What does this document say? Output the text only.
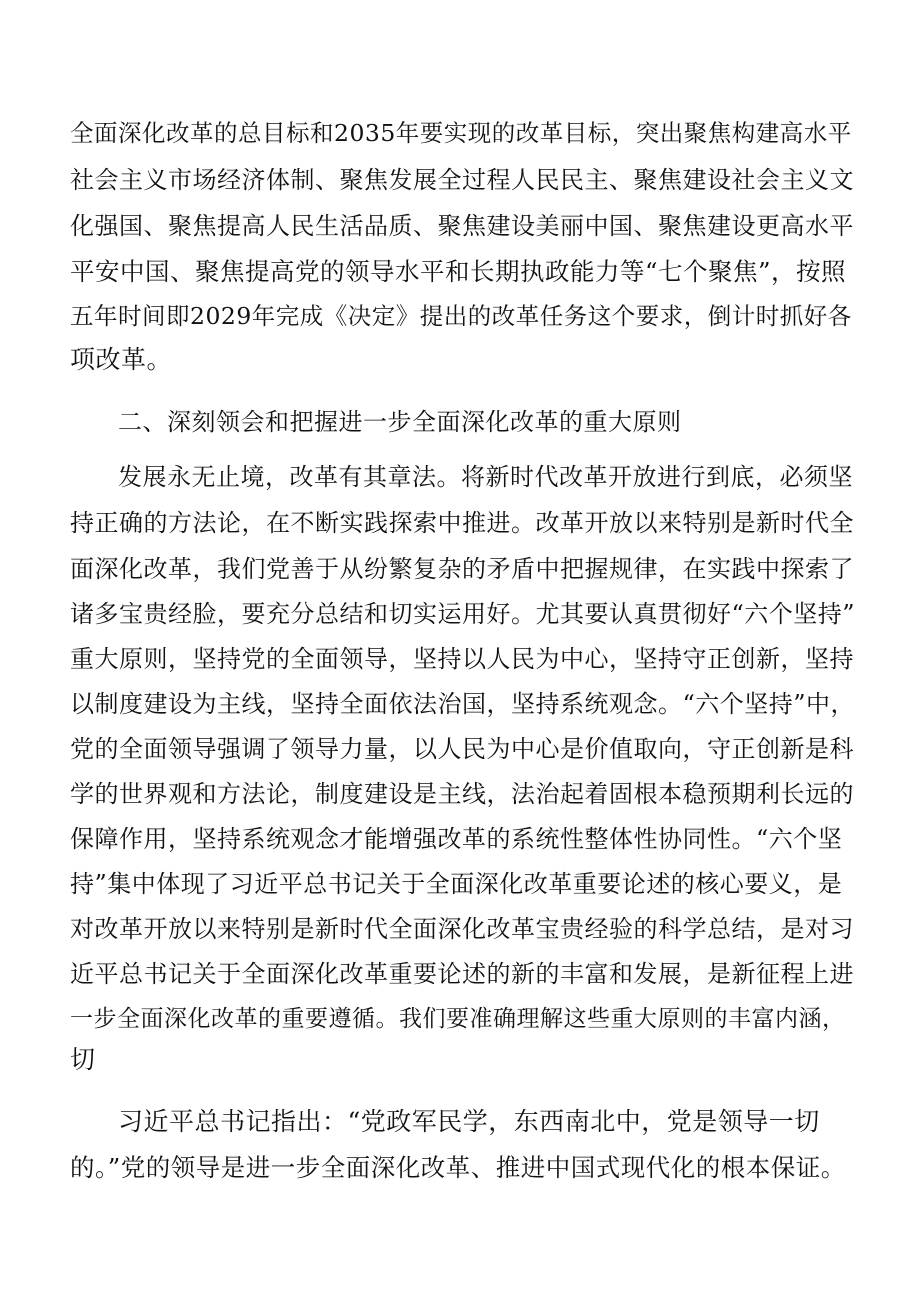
全面深化改革的总目标和2035年要实现的改革目标，突出聚焦构建高水平
社会主义市场经济体制、聚焦发展全过程人民民主、聚焦建设社会主义文
化强国、聚焦提高人民生活品质、聚焦建设美丽中国、聚焦建设更高水平
平安中国、聚焦提高党的领导水平和长期执政能力等“七个聚焦”，按照
五年时间即2029年完成《决定》提出的改革任务这个要求，倒计时抓好各
项改革。
二、深刻领会和把握进一步全面深化改革的重大原则
发展永无止境，改革有其章法。将新时代改革开放进行到底，必须坚
持正确的方法论，在不断实践探索中推进。改革开放以来特别是新时代全
面深化改革，我们党善于从纷繁复杂的矛盾中把握规律，在实践中探索了
诸多宝贵经脸，要充分总结和切实运用好。尤其要认真贯彻好“六个坚持”
重大原则，坚持党的全面领导，坚持以人民为中心，坚持守正创新，坚持
以制度建设为主线，坚持全面依法治国，坚持系统观念。“六个坚持”中，
党的全面领导强调了领导力量，以人民为中心是价值取向，守正创新是科
学的世界观和方法论，制度建设是主线，法治起着固根本稳预期利长远的
保障作用，坚持系统观念才能增强改革的系统性整体性协同性。“六个坚
持”集中体现了习近平总书记关于全面深化改革重要论述的核心要义，是
对改革开放以来特别是新时代全面深化改革宝贵经验的科学总结，是对习
近平总书记关于全面深化改革重要论述的新的丰富和发展，是新征程上进
一步全面深化改革的重要遵循。我们要准确理解这些重大原则的丰富内涵，
切
习近平总书记指出：“党政军民学，东西南北中，党是领导一切
的。”党的领导是进一步全面深化改革、推进中国式现代化的根本保证。
